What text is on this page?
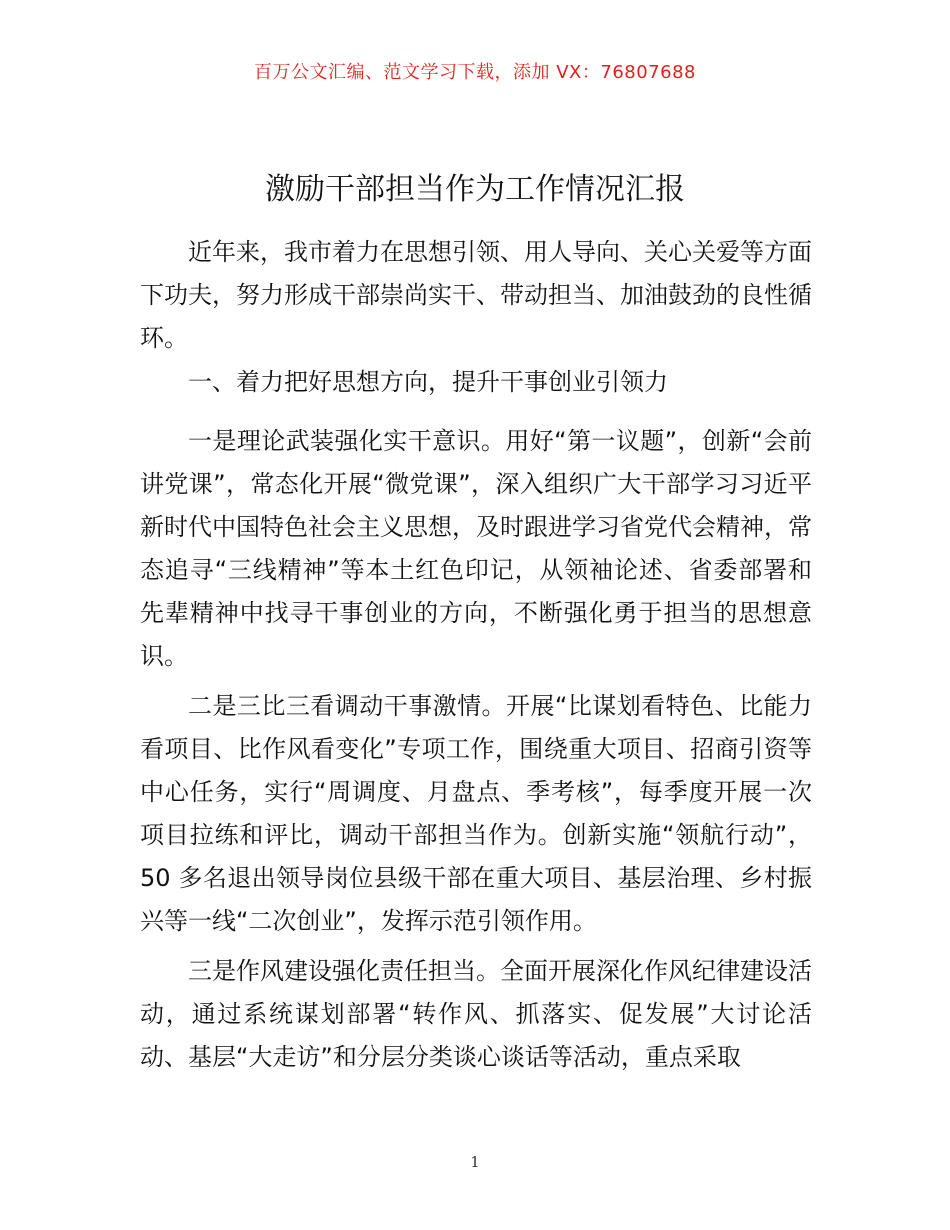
百万公文汇编、范文学习下载，添加 VX：76807688
激励干部担当作为工作情况汇报

近年来，我市着力在思想引领、用人导向、关心关爱等方面下功夫，努力形成干部崇尚实干、带动担当、加油鼓劲的良性循环。

一、着力把好思想方向，提升干事创业引领力

一是理论武装强化实干意识。用好“第一议题”，创新“会前讲党课”，常态化开展“微党课”，深入组织广大干部学习习近平新时代中国特色社会主义思想，及时跟进学习省党代会精神，常态追寻“三线精神”等本土红色印记，从领袖论述、省委部署和先辈精神中找寻干事创业的方向，不断强化勇于担当的思想意识。

二是三比三看调动干事激情。开展“比谋划看特色、比能力看项目、比作风看变化”专项工作，围绕重大项目、招商引资等中心任务，实行“周调度、月盘点、季考核”，每季度开展一次项目拉练和评比，调动干部担当作为。创新实施“领航行动”，50 多名退出领导岗位县级干部在重大项目、基层治理、乡村振兴等一线“二次创业”，发挥示范引领作用。

三是作风建设强化责任担当。全面开展深化作风纪律建设活动，通过系统谋划部署“转作风、抓落实、促发展”大讨论活动、基层“大走访”和分层分类谈心谈话等活动，重点采取

1
